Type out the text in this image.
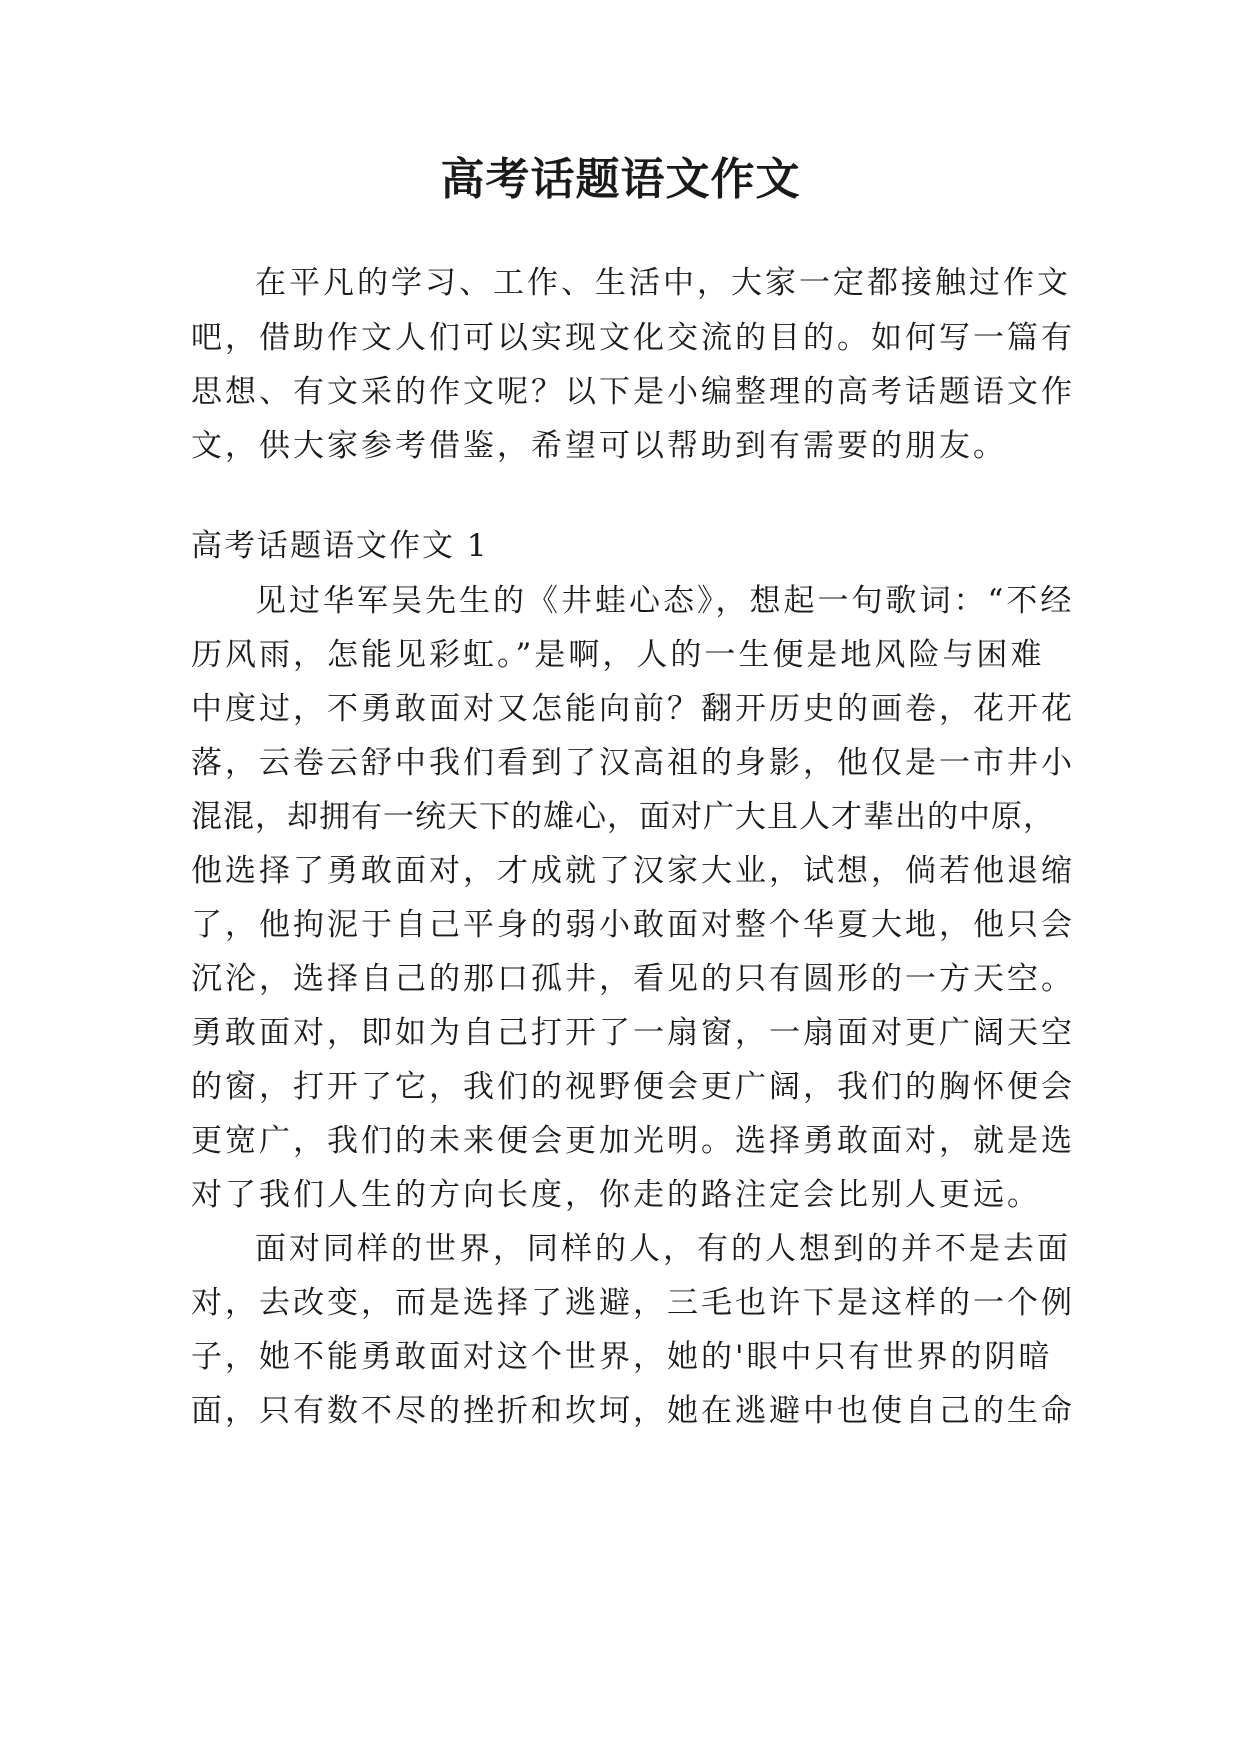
高考话题语文作文
在平凡的学习、工作、生活中，大家一定都接触过作文
吧，借助作文人们可以实现文化交流的目的。如何写一篇有
思想、有文采的作文呢？以下是小编整理的高考话题语文作
文，供大家参考借鉴，希望可以帮助到有需要的朋友。
高考话题语文作文 1
见过华军吴先生的《井蛙心态》，想起一句歌词：“不经
历风雨，怎能见彩虹。”是啊，人的一生便是地风险与困难
中度过，不勇敢面对又怎能向前？翻开历史的画卷，花开花
落，云卷云舒中我们看到了汉高祖的身影，他仅是一市井小
混混，却拥有一统天下的雄心，面对广大且人才辈出的中原，
他选择了勇敢面对，才成就了汉家大业，试想，倘若他退缩
了，他拘泥于自己平身的弱小敢面对整个华夏大地，他只会
沉沦，选择自己的那口孤井，看见的只有圆形的一方天空。
勇敢面对，即如为自己打开了一扇窗，一扇面对更广阔天空
的窗，打开了它，我们的视野便会更广阔，我们的胸怀便会
更宽广，我们的未来便会更加光明。选择勇敢面对，就是选
对了我们人生的方向长度，你走的路注定会比别人更远。
面对同样的世界，同样的人，有的人想到的并不是去面
对，去改变，而是选择了逃避，三毛也许下是这样的一个例
子，她不能勇敢面对这个世界，她的'眼中只有世界的阴暗
面，只有数不尽的挫折和坎坷，她在逃避中也使自己的生命
